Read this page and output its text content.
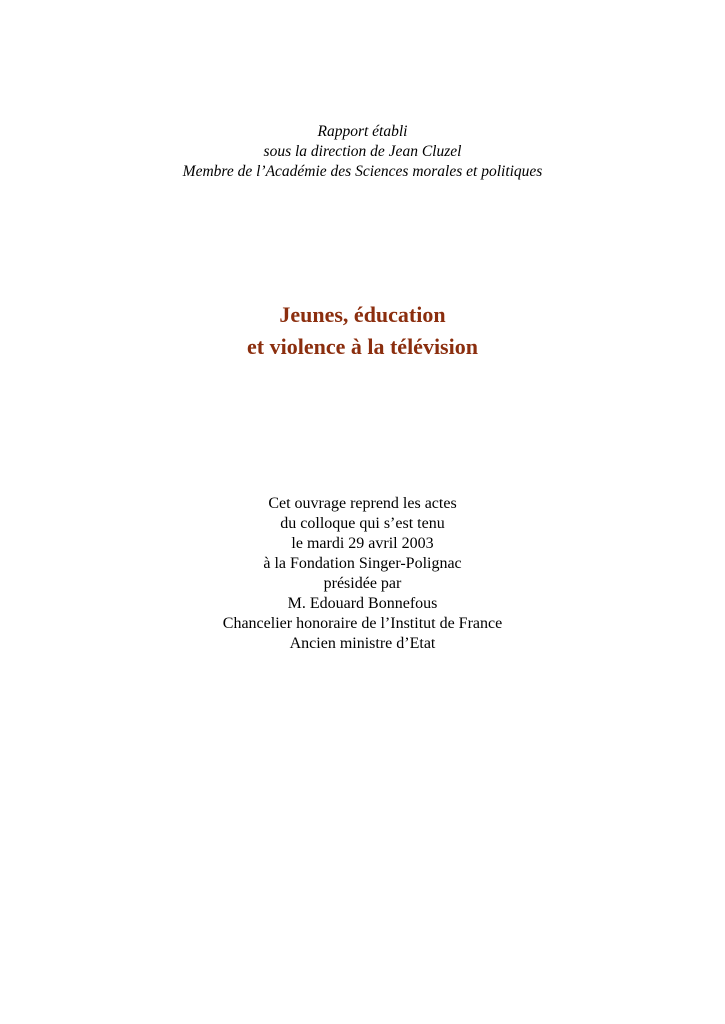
Rapport établi
sous la direction de Jean Cluzel
Membre de l’Académie des Sciences morales et politiques
Jeunes, éducation
et violence à la télévision
Cet ouvrage reprend les actes
du colloque qui s’est tenu
le mardi 29 avril 2003
à la Fondation Singer-Polignac
présidée par
M. Edouard Bonnefous
Chancelier honoraire de l’Institut de France
Ancien ministre d’Etat
